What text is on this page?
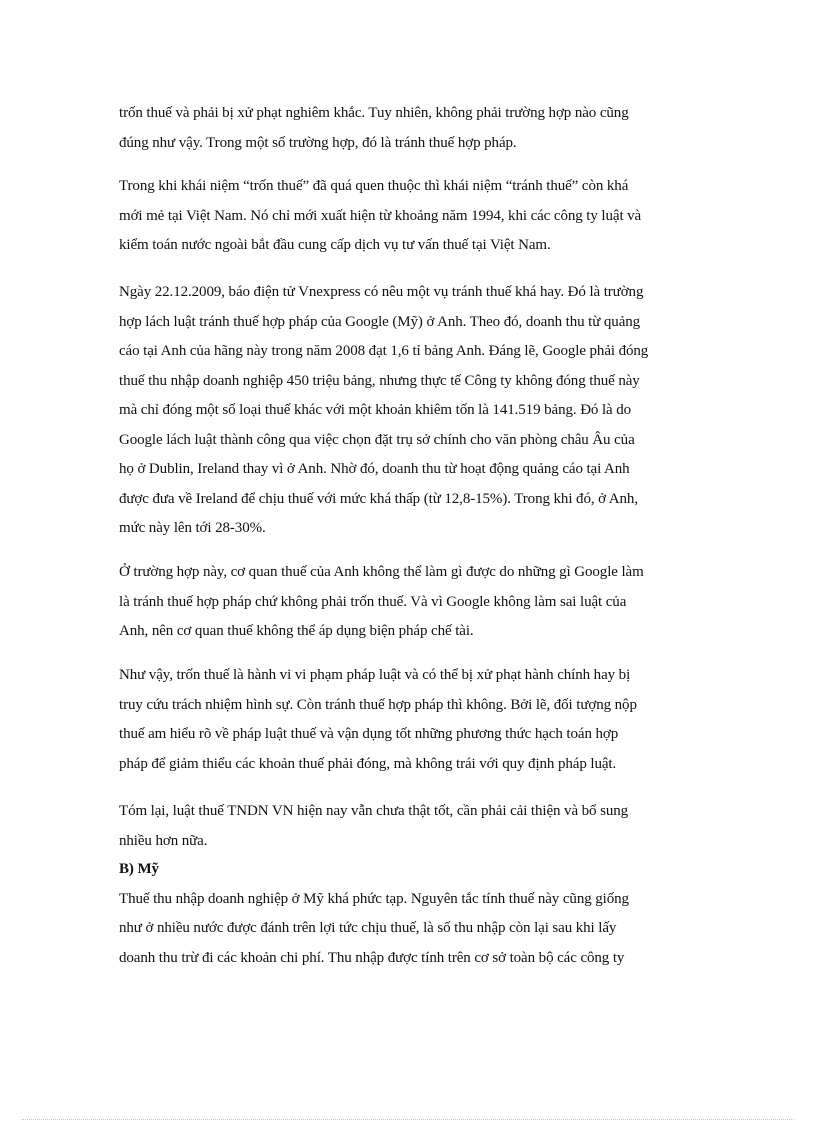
trốn thuế và phải bị xử phạt nghiêm khắc. Tuy nhiên, không phải trường hợp nào cũng
đúng như vậy. Trong một số trường hợp, đó là tránh thuế hợp pháp.
Trong khi khái niệm “trốn thuế” đã quá quen thuộc thì khái niệm “tránh thuế” còn khá
mới mẻ tại Việt Nam. Nó chỉ mới xuất hiện từ khoảng năm 1994, khi các công ty luật và
kiểm toán nước ngoài bắt đầu cung cấp dịch vụ tư vấn thuế tại Việt Nam.
Ngày 22.12.2009, báo điện tử Vnexpress có nêu một vụ tránh thuế khá hay. Đó là trường
hợp lách luật tránh thuế hợp pháp của Google (Mỹ) ở Anh. Theo đó, doanh thu từ quảng
cáo tại Anh của hãng này trong năm 2008 đạt 1,6 tỉ bảng Anh. Đáng lẽ, Google phải đóng
thuế thu nhập doanh nghiệp 450 triệu bảng, nhưng thực tế Công ty không đóng thuế này
mà chỉ đóng một số loại thuế khác với một khoản khiêm tốn là 141.519 bảng. Đó là do
Google lách luật thành công qua việc chọn đặt trụ sở chính cho văn phòng châu Âu của
họ ở Dublin, Ireland thay vì ở Anh. Nhờ đó, doanh thu từ hoạt động quảng cáo tại Anh
được đưa về Ireland để chịu thuế với mức khá thấp (từ 12,8-15%). Trong khi đó, ở Anh,
mức này lên tới 28-30%.
Ở trường hợp này, cơ quan thuế của Anh không thể làm gì được do những gì Google làm
là tránh thuế hợp pháp chứ không phải trốn thuế. Và vì Google không làm sai luật của
Anh, nên cơ quan thuế không thể áp dụng biện pháp chế tài.
Như vậy, trốn thuế là hành vi vi phạm pháp luật và có thể bị xử phạt hành chính hay bị
truy cứu trách nhiệm hình sự. Còn tránh thuế hợp pháp thì không. Bởi lẽ, đối tượng nộp
thuế am hiểu rõ về pháp luật thuế và vận dụng tốt những phương thức hạch toán hợp
pháp để giảm thiểu các khoản thuế phải đóng, mà không trái với quy định pháp luật.
Tóm lại, luật thuế TNDN VN hiện nay vẫn chưa thật tốt, cần phải cải thiện và bổ sung
nhiều hơn nữa.
B) Mỹ
Thuế thu nhập doanh nghiệp ở Mỹ khá phức tạp. Nguyên tắc tính thuế này cũng giống
như ở nhiều nước được đánh trên lợi tức chịu thuế, là số thu nhập còn lại sau khi lấy
doanh thu trừ đi các khoản chi phí. Thu nhập được tính trên cơ sở toàn bộ các công ty
